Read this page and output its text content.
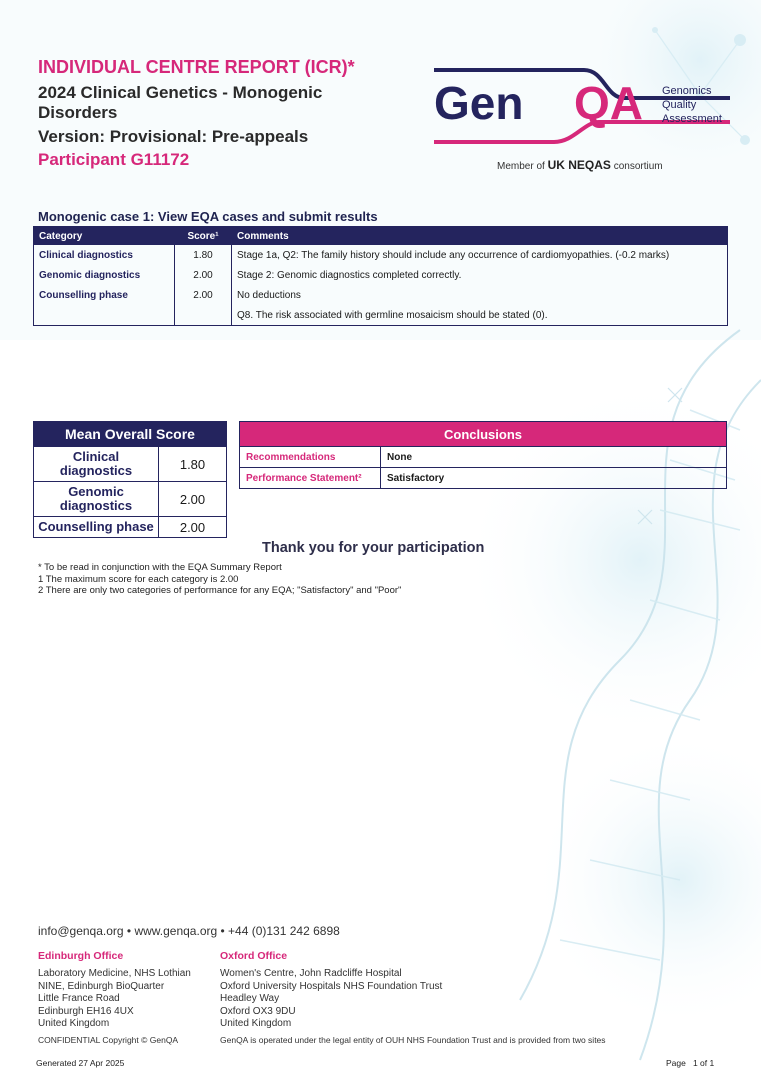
INDIVIDUAL CENTRE REPORT (ICR)*
2024 Clinical Genetics - Monogenic Disorders
Version: Provisional: Pre-appeals
Participant G11172
Gen QA Genomics
Quality
Assessment
Member of UK NEQAS consortium
Monogenic case 1: View EQA cases and submit results
Category	Score¹	Comments
Clinical diagnostics	1.80	Stage 1a, Q2: The family history should include any occurrence of cardiomyopathies. (-0.2 marks)
Genomic diagnostics	2.00	Stage 2: Genomic diagnostics completed correctly.
Counselling phase	2.00	No deductions
		Q8. The risk associated with germline mosaicism should be stated (0).
Mean Overall Score	
Clinical diagnostics	1.80
Genomic diagnostics	2.00
Counselling phase	2.00
Conclusions	
Recommendations	None
Performance Statement²	Satisfactory
Thank you for your participation
* To be read in conjunction with the EQA Summary Report
1 The maximum score for each category is 2.00
2 There are only two categories of performance for any EQA; "Satisfactory" and "Poor"
info@genqa.org • www.genqa.org • +44 (0)131 242 6898
Edinburgh Office
Laboratory Medicine, NHS Lothian
NINE, Edinburgh BioQuarter
Little France Road
Edinburgh EH16 4UX
United Kingdom
Oxford Office
Women's Centre, John Radcliffe Hospital
Oxford University Hospitals NHS Foundation Trust
Headley Way
Oxford OX3 9DU
United Kingdom
CONFIDENTIAL Copyright © GenQA	GenQA is operated under the legal entity of OUH NHS Foundation Trust and is provided from two sites
Generated 27 Apr 2025	Page 1 of 1
